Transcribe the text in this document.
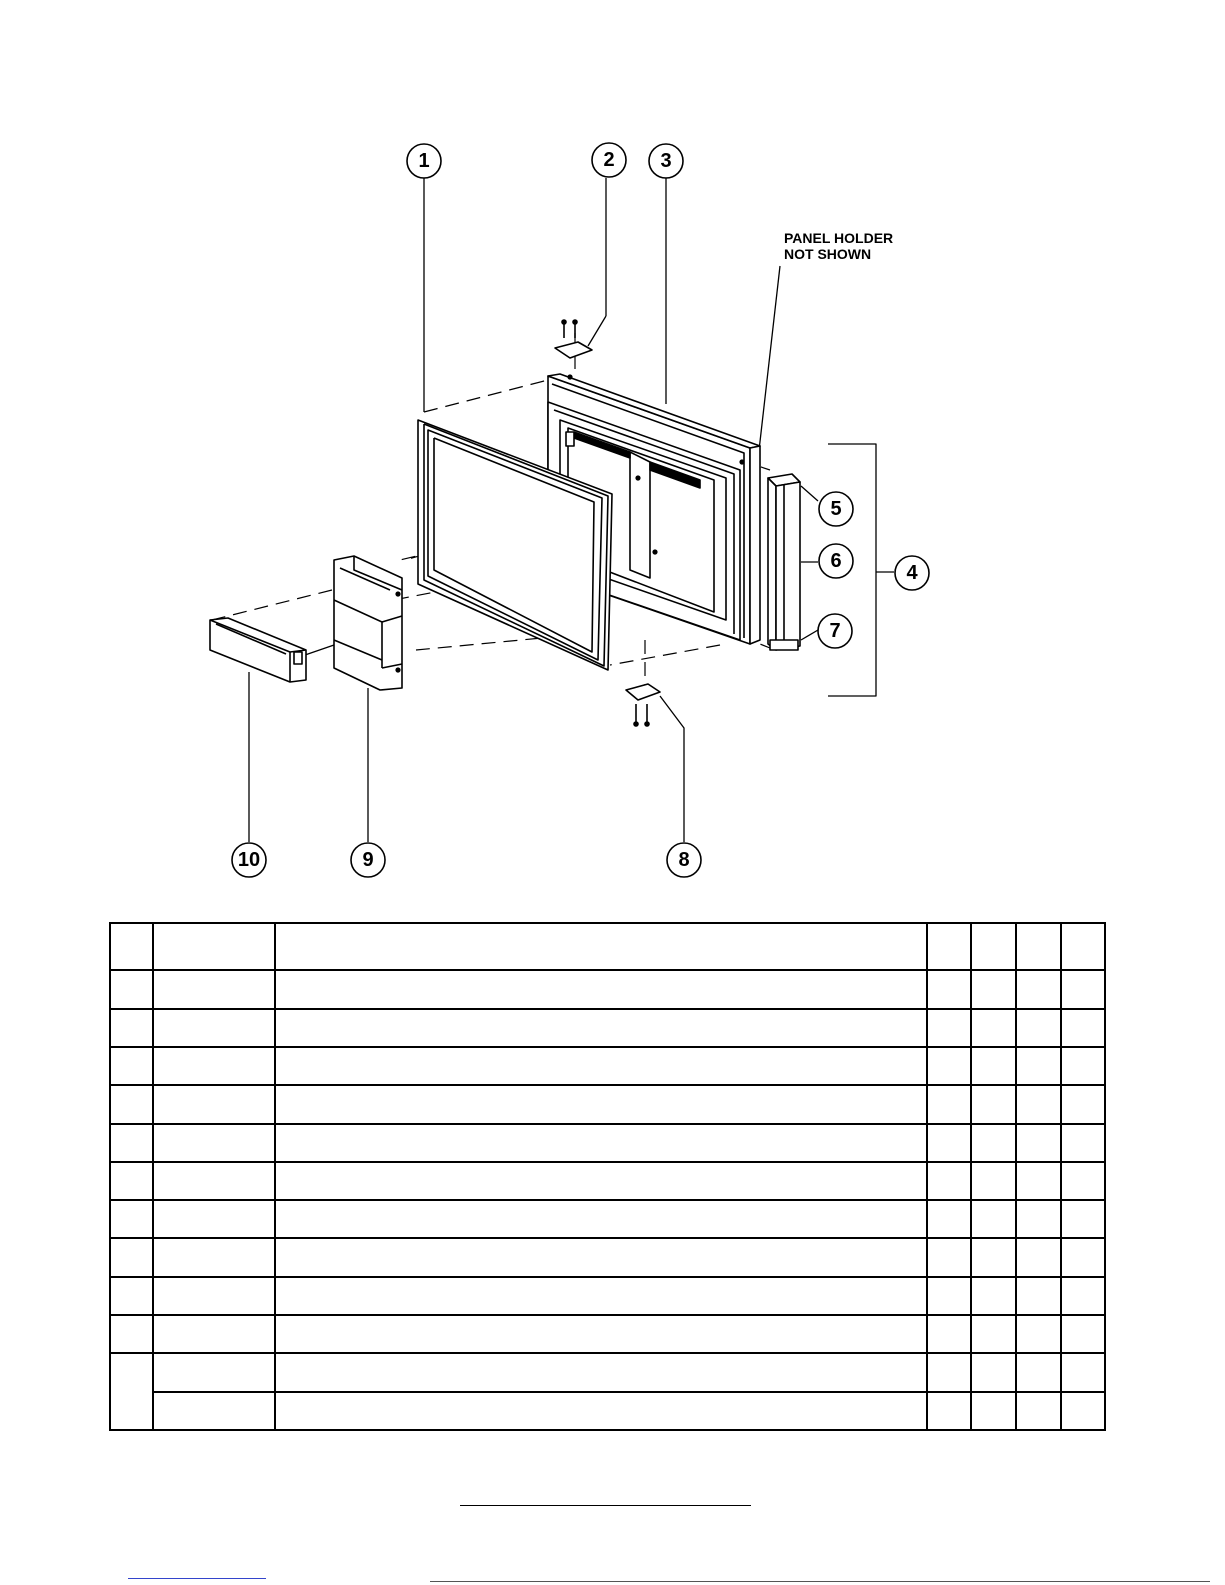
1	2 3
4
5
6
7
8
9
10
PANEL HOLDER
NOT SHOWN
